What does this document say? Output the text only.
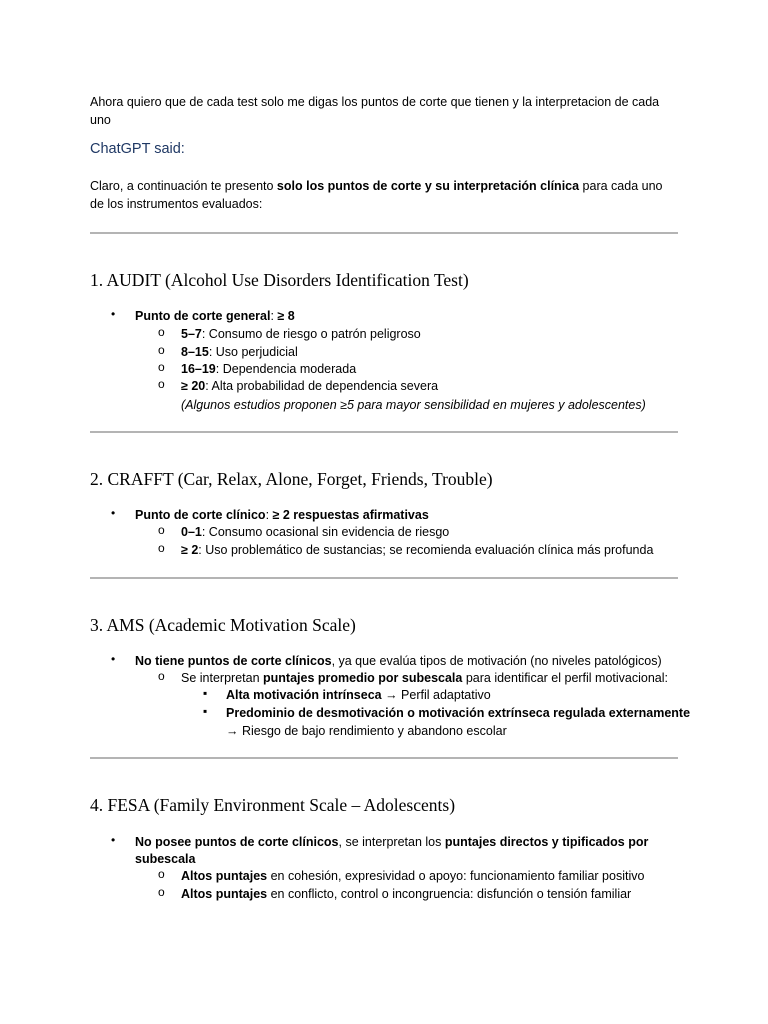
Ahora quiero que de cada test solo me digas los puntos de corte que tienen y la interpretacion de cada uno
ChatGPT said:
Claro, a continuación te presento solo los puntos de corte y su interpretación clínica para cada uno de los instrumentos evaluados:
1. AUDIT (Alcohol Use Disorders Identification Test)
• Punto de corte general: ≥ 8
o 5–7: Consumo de riesgo o patrón peligroso
o 8–15: Uso perjudicial
o 16–19: Dependencia moderada
o ≥ 20: Alta probabilidad de dependencia severa
(Algunos estudios proponen ≥5 para mayor sensibilidad en mujeres y adolescentes)
2. CRAFFT (Car, Relax, Alone, Forget, Friends, Trouble)
• Punto de corte clínico: ≥ 2 respuestas afirmativas
o 0–1: Consumo ocasional sin evidencia de riesgo
o ≥ 2: Uso problemático de sustancias; se recomienda evaluación clínica más profunda
3. AMS (Academic Motivation Scale)
• No tiene puntos de corte clínicos, ya que evalúa tipos de motivación (no niveles patológicos)
o Se interpretan puntajes promedio por subescala para identificar el perfil motivacional:
▪ Alta motivación intrínseca → Perfil adaptativo
▪ Predominio de desmotivación o motivación extrínseca regulada externamente
→ Riesgo de bajo rendimiento y abandono escolar
4. FESA (Family Environment Scale – Adolescents)
• No posee puntos de corte clínicos, se interpretan los puntajes directos y tipificados por
subescala
o Altos puntajes en cohesión, expresividad o apoyo: funcionamiento familiar positivo
o Altos puntajes en conflicto, control o incongruencia: disfunción o tensión familiar
